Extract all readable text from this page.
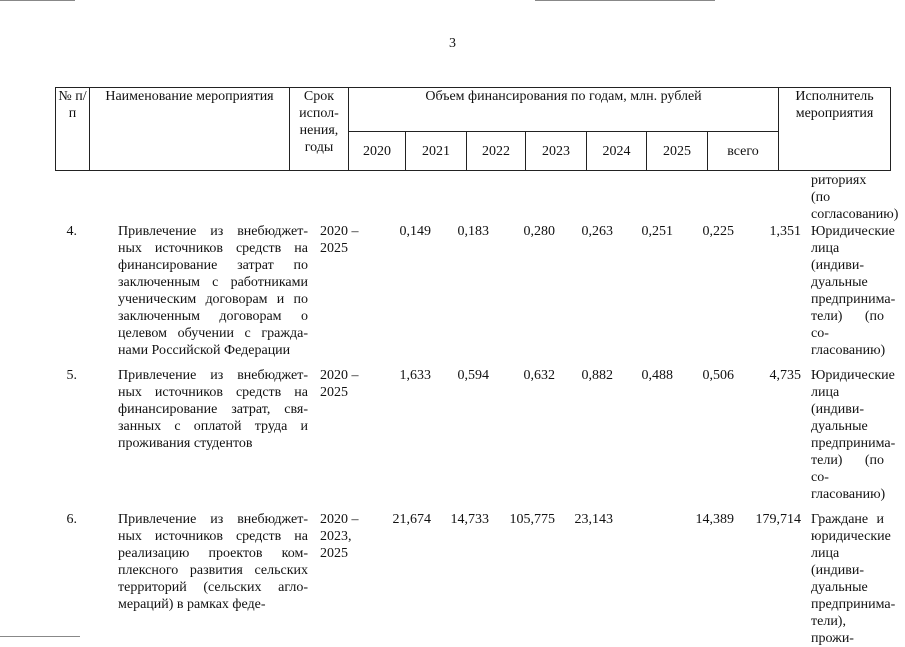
3
№ п/п	Наименование мероприятия	Срок испол-нения, годы	Объем финансирования по годам, млн. рублей							Исполнитель мероприятия
			2020	2021	2022	2023	2024	2025	всего	
										риториях (по согласованию)
4.	Привлечение из внебюджет-ных источников средств на финансирование затрат по заключенным с работниками ученическим договорам и по заключенным договорам о целевом обучении с гражда-нами Российской Федерации	2020 – 2025	0,149	0,183	0,280	0,263	0,251	0,225	1,351	Юридические лица (индиви-дуальные предпринима-тели) (по со-гласованию)

5.	Привлечение из внебюджет-ных источников средств на финансирование затрат, свя-занных с оплатой труда и проживания студентов	2020 – 2025	1,633	0,594	0,632	0,882	0,488	0,506	4,735	Юридические лица (индиви-дуальные предпринима-тели) (по со-гласованию)

6.	Привлечение из внебюджет-ных источников средств на реализацию проектов ком-плексного развития сельских территорий (сельских агло-мераций) в рамках феде-	2020 – 2023, 2025	21,674	14,733	105,775	23,143		14,389	179,714	Граждане и юридические лица (индиви-дуальные предпринима-тели), прожи-
